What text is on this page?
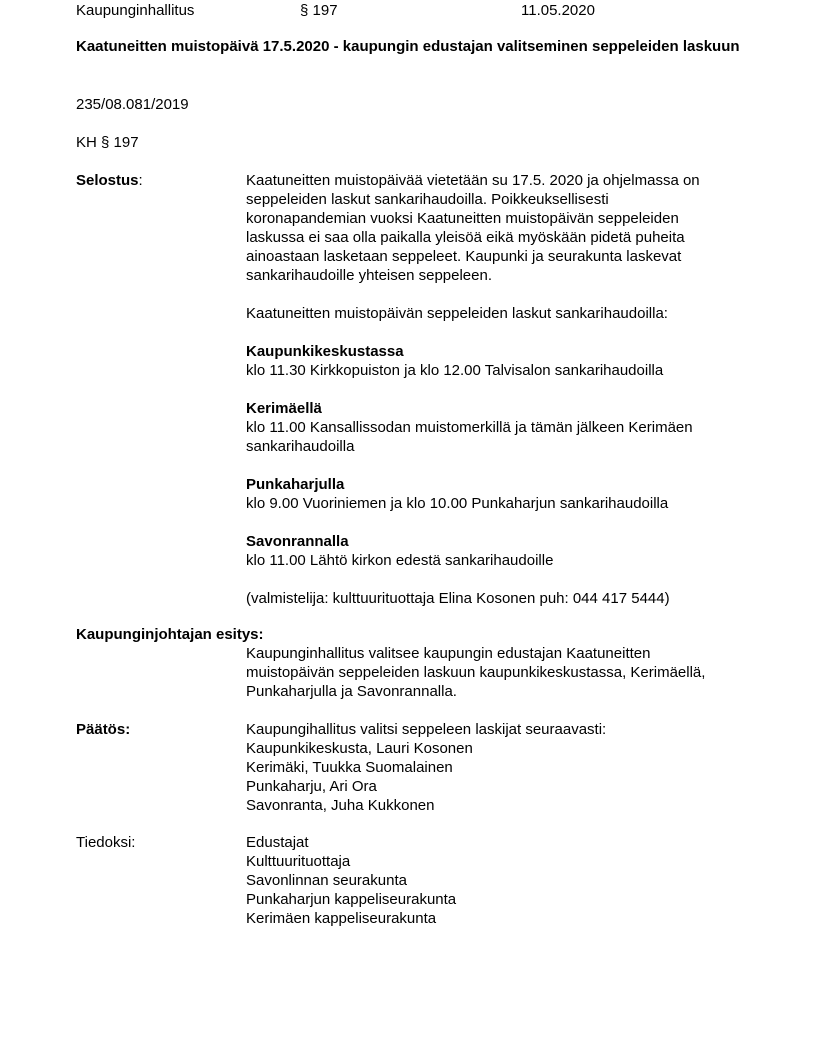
Kaupunginhallitus	§ 197	11.05.2020
Kaatuneitten muistopäivä 17.5.2020 - kaupungin edustajan valitseminen seppeleiden laskuun
235/08.081/2019
KH § 197
Selostus:	Kaatuneitten muistopäivää vietetään su 17.5. 2020 ja ohjelmassa on
seppeleiden laskut sankarihaudoilla. Poikkeuksellisesti
koronapandemian vuoksi Kaatuneitten muistopäivän seppeleiden
laskussa ei saa olla paikalla yleisöä eikä myöskään pidetä puheita
ainoastaan lasketaan seppeleet. Kaupunki ja seurakunta laskevat
sankarihaudoille yhteisen seppeleen.
Kaatuneitten muistopäivän seppeleiden laskut sankarihaudoilla:
Kaupunkikeskustassa
klo 11.30 Kirkkopuiston ja klo 12.00 Talvisalon sankarihaudoilla
Kerimäellä
klo 11.00 Kansallissodan muistomerkillä ja tämän jälkeen Kerimäen
sankarihaudoilla
Punkaharjulla
klo 9.00 Vuoriniemen ja klo 10.00 Punkaharjun sankarihaudoilla
Savonrannalla
klo 11.00 Lähtö kirkon edestä sankarihaudoille
(valmistelija: kulttuurituottaja Elina Kosonen puh: 044 417 5444)
Kaupunginjohtajan esitys:
Kaupunginhallitus valitsee kaupungin edustajan Kaatuneitten
muistopäivän seppeleiden laskuun kaupunkikeskustassa, Kerimäellä,
Punkaharjulla ja Savonrannalla.
Päätös:	Kaupungihallitus valitsi seppeleen laskijat seuraavasti:
Kaupunkikeskusta, Lauri Kosonen
Kerimäki, Tuukka Suomalainen
Punkaharju, Ari Ora
Savonranta, Juha Kukkonen
Tiedoksi:	Edustajat
Kulttuurituottaja
Savonlinnan seurakunta
Punkaharjun kappeliseurakunta
Kerimäen kappeliseurakunta
